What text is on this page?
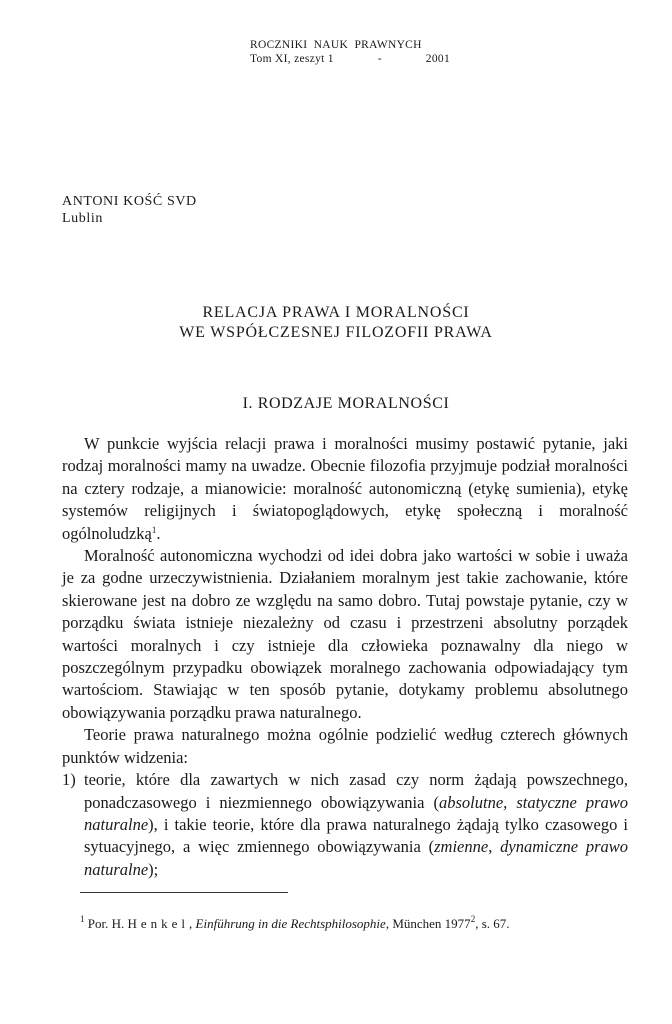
ROCZNIKI  NAUK  PRAWNYCH
Tom XI, zeszyt 1	-	2001
ANTONI KOŚĆ SVD
Lublin
RELACJA PRAWA I MORALNOŚCI
WE WSPÓŁCZESNEJ FILOZOFII PRAWA
I. RODZAJE MORALNOŚCI

W punkcie wyjścia relacji prawa i moralności musimy postawić pytanie, jaki rodzaj moralności mamy na uwadze. Obecnie filozofia przyjmuje podział moralności na cztery rodzaje, a mianowicie: moralność autonomiczną (etykę sumienia), etykę systemów religijnych i światopoglądowych, etykę społeczną i moralność ogólnoludzką$^1$.

Moralność autonomiczna wychodzi od idei dobra jako wartości w sobie i uważa je za godne urzeczywistnienia. Działaniem moralnym jest takie zachowanie, które skierowane jest na dobro ze względu na samo dobro. Tutaj powstaje pytanie, czy w porządku świata istnieje niezależny od czasu i przestrzeni absolutny porządek wartości moralnych i czy istnieje dla człowieka poznawalny dla niego w poszczególnym przypadku obowiązek moralnego zachowania odpowiadający tym wartościom. Stawiając w ten sposób pytanie, dotykamy problemu absolutnego obowiązywania porządku prawa naturalnego.

Teorie prawa naturalnego można ogólnie podzielić według czterech głównych punktów widzenia:

1) teorie, które dla zawartych w nich zasad czy norm żądają powszechnego, ponadczasowego i niezmiennego obowiązywania (absolutne, statyczne prawo naturalne), i takie teorie, które dla prawa naturalnego żądają tylko czasowego i sytuacyjnego, a więc zmiennego obowiązywania (zmienne, dynamiczne prawo naturalne);
$^1$ Por. H. Henkel, Einführung in die Rechtsphilosophie, München 1977$^2$, s. 67.
